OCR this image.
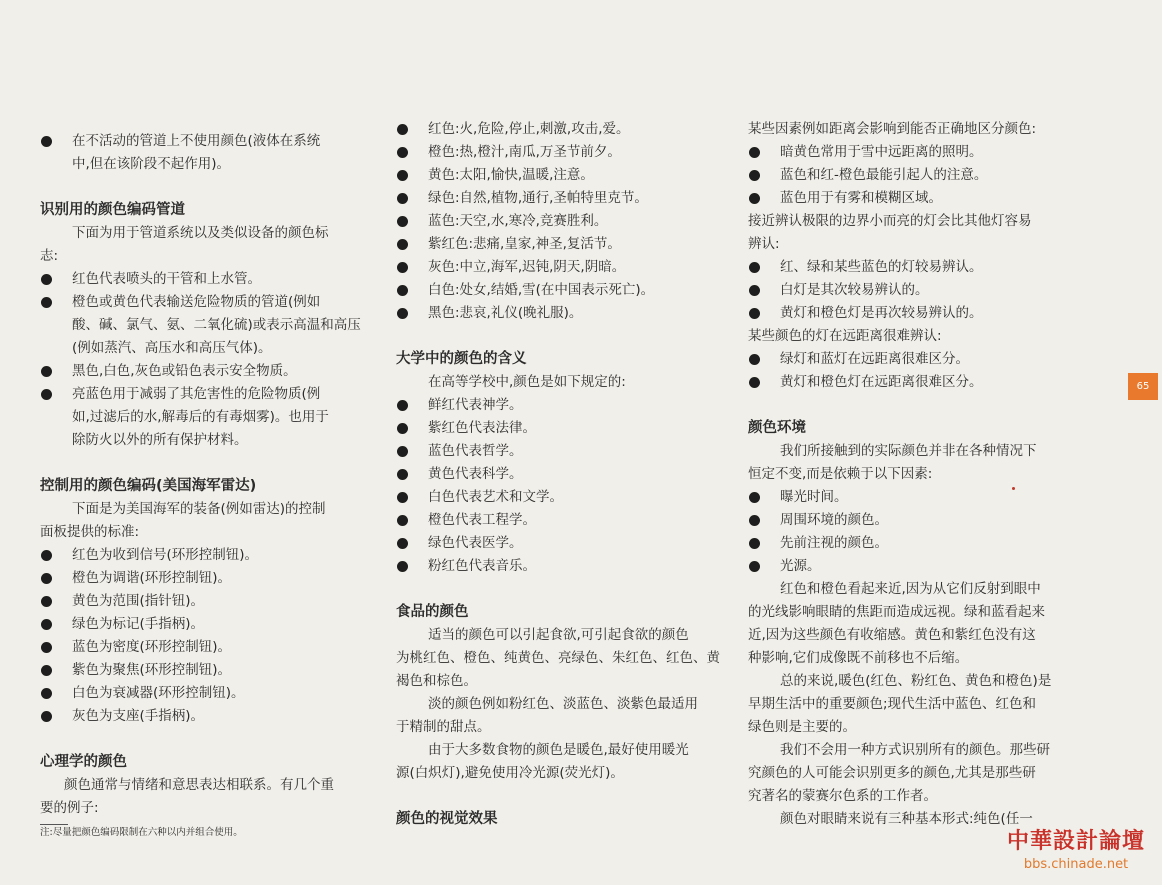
在不活动的管道上不使用颜色(液体在系统
中,但在该阶段不起作用)。
识别用的颜色编码管道
下面为用于管道系统以及类似设备的颜色标
志:
红色代表喷头的干管和上水管。
橙色或黄色代表输送危险物质的管道(例如
酸、碱、氯气、氨、二氧化硫)或表示高温和高压
(例如蒸汽、高压水和高压气体)。
黑色,白色,灰色或铅色表示安全物质。
亮蓝色用于减弱了其危害性的危险物质(例
如,过滤后的水,解毒后的有毒烟雾)。也用于
除防火以外的所有保护材料。
控制用的颜色编码(美国海军雷达)
下面是为美国海军的装备(例如雷达)的控制
面板提供的标准:
红色为收到信号(环形控制钮)。
橙色为调谐(环形控制钮)。
黄色为范围(指针钮)。
绿色为标记(手指柄)。
蓝色为密度(环形控制钮)。
紫色为聚焦(环形控制钮)。
白色为衰减器(环形控制钮)。
灰色为支座(手指柄)。
心理学的颜色
颜色通常与情绪和意思表达相联系。有几个重
要的例子:
注:尽量把颜色编码限制在六种以内并组合使用。
红色:火,危险,停止,刺激,攻击,爱。
橙色:热,橙汁,南瓜,万圣节前夕。
黄色:太阳,愉快,温暖,注意。
绿色:自然,植物,通行,圣帕特里克节。
蓝色:天空,水,寒冷,竞赛胜利。
紫红色:悲痛,皇家,神圣,复活节。
灰色:中立,海军,迟钝,阴天,阴暗。
白色:处女,结婚,雪(在中国表示死亡)。
黑色:悲哀,礼仪(晚礼服)。
大学中的颜色的含义
在高等学校中,颜色是如下规定的:
鲜红代表神学。
紫红色代表法律。
蓝色代表哲学。
黄色代表科学。
白色代表艺术和文学。
橙色代表工程学。
绿色代表医学。
粉红色代表音乐。
食品的颜色
适当的颜色可以引起食欲,可引起食欲的颜色
为桃红色、橙色、纯黄色、亮绿色、朱红色、红色、黄
褐色和棕色。
淡的颜色例如粉红色、淡蓝色、淡紫色最适用
于精制的甜点。
由于大多数食物的颜色是暖色,最好使用暖光
源(白炽灯),避免使用冷光源(荧光灯)。
颜色的视觉效果
某些因素例如距离会影响到能否正确地区分颜色:
暗黄色常用于雪中远距离的照明。
蓝色和红-橙色最能引起人的注意。
蓝色用于有雾和模糊区域。
接近辨认极限的边界小而亮的灯会比其他灯容易
辨认:
红、绿和某些蓝色的灯较易辨认。
白灯是其次较易辨认的。
黄灯和橙色灯是再次较易辨认的。
某些颜色的灯在远距离很难辨认:
绿灯和蓝灯在远距离很难区分。
黄灯和橙色灯在远距离很难区分。
颜色环境
我们所接触到的实际颜色并非在各种情况下
恒定不变,而是依赖于以下因素:
曝光时间。
周围环境的颜色。
先前注视的颜色。
光源。
红色和橙色看起来近,因为从它们反射到眼中
的光线影响眼睛的焦距而造成远视。绿和蓝看起来
近,因为这些颜色有收缩感。黄色和紫红色没有这
种影响,它们成像既不前移也不后缩。
总的来说,暖色(红色、粉红色、黄色和橙色)是
早期生活中的重要颜色;现代生活中蓝色、红色和
绿色则是主要的。
我们不会用一种方式识别所有的颜色。那些研
究颜色的人可能会识别更多的颜色,尤其是那些研
究著名的蒙赛尔色系的工作者。
颜色对眼睛来说有三种基本形式:纯色(任一
65
中華設計論壇
bbs.chinade.net
